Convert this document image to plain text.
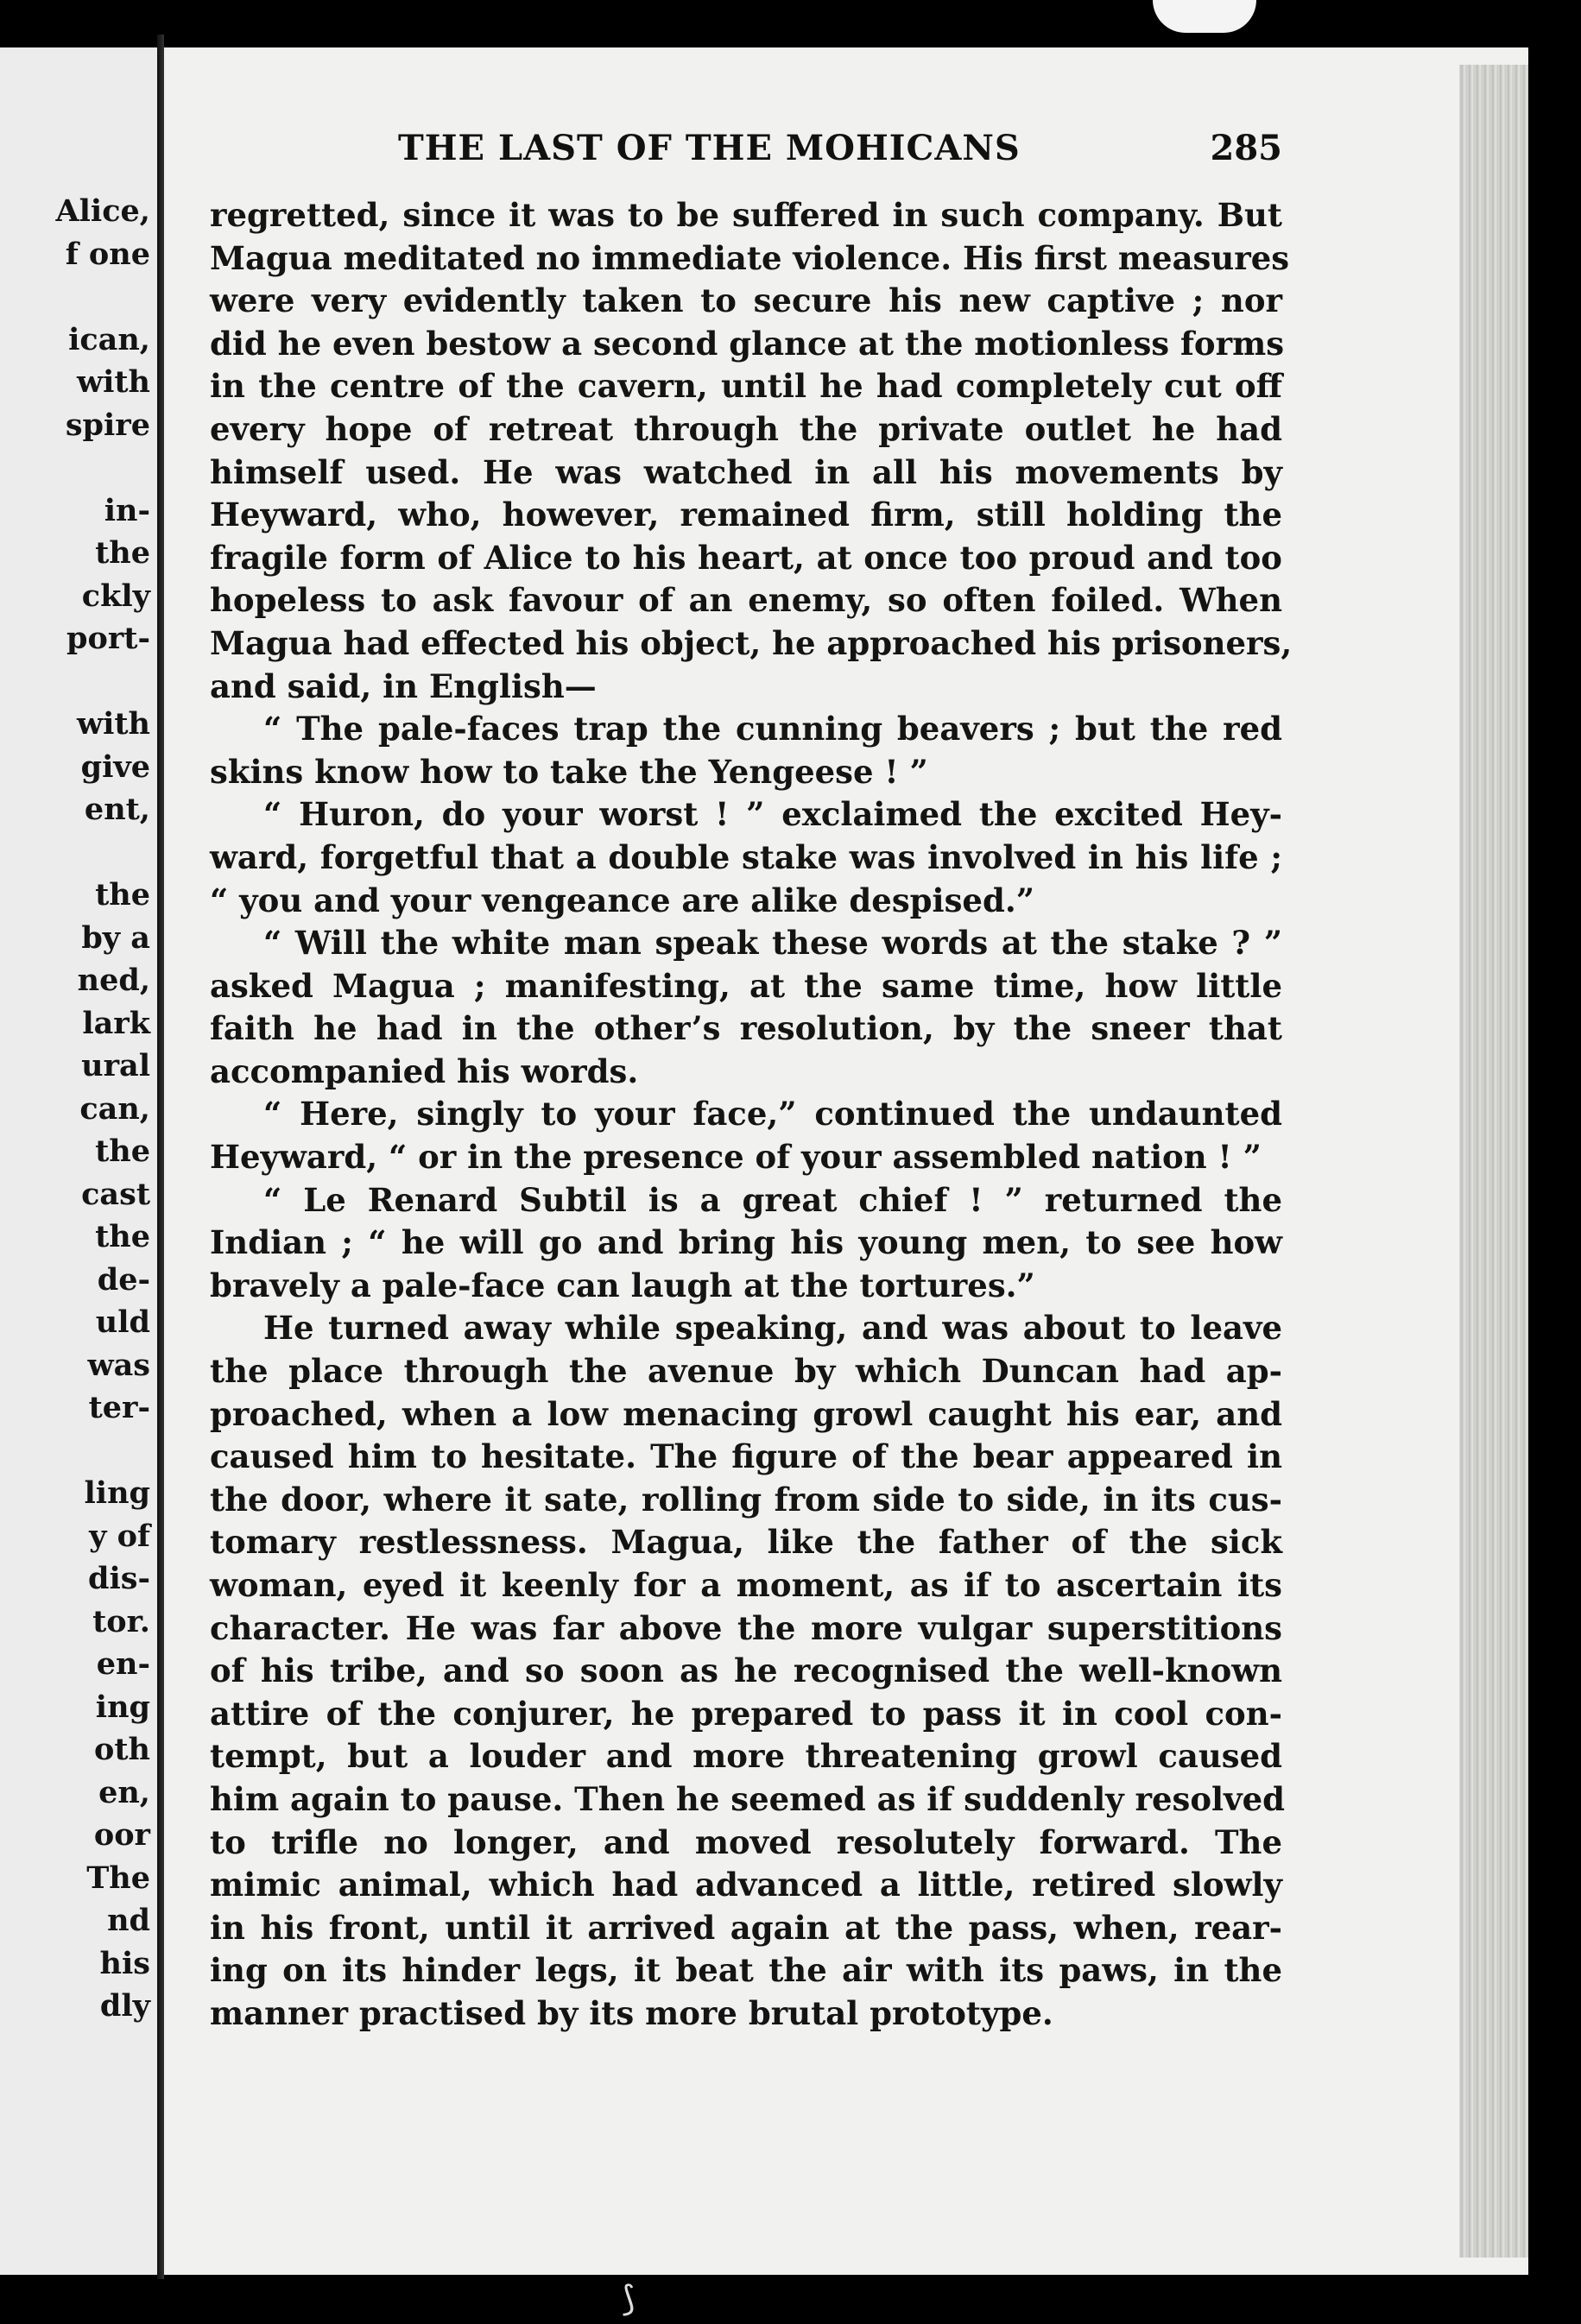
Alice,
f one
ican,
with
spire
in-
the
ckly
port-
with
give
ent,
the
by a
ned,
lark
ural
can,
the
cast
the
de-
uld
was
ter-
ling
y of
dis-
tor.
en-
ing
oth
en,
oor
The
nd
his
dly
THE LAST OF THE MOHICANS	285
regretted, since it was to be suffered in such company. But
Magua meditated no immediate violence. His first measures
were very evidently taken to secure his new captive ; nor
did he even bestow a second glance at the motionless forms
in the centre of the cavern, until he had completely cut off
every hope of retreat through the private outlet he had
himself used. He was watched in all his movements by
Heyward, who, however, remained firm, still holding the
fragile form of Alice to his heart, at once too proud and too
hopeless to ask favour of an enemy, so often foiled. When
Magua had effected his object, he approached his prisoners,
and said, in English—
“ The pale-faces trap the cunning beavers ; but the red
skins know how to take the Yengeese ! ”
“ Huron, do your worst ! ” exclaimed the excited Hey-
ward, forgetful that a double stake was involved in his life ;
“ you and your vengeance are alike despised.”
“ Will the white man speak these words at the stake ? ”
asked Magua ; manifesting, at the same time, how little
faith he had in the other’s resolution, by the sneer that
accompanied his words.
“ Here, singly to your face,” continued the undaunted
Heyward, “ or in the presence of your assembled nation ! ”
“ Le Renard Subtil is a great chief ! ” returned the
Indian ; “ he will go and bring his young men, to see how
bravely a pale-face can laugh at the tortures.”
He turned away while speaking, and was about to leave
the place through the avenue by which Duncan had ap-
proached, when a low menacing growl caught his ear, and
caused him to hesitate. The figure of the bear appeared in
the door, where it sate, rolling from side to side, in its cus-
tomary restlessness. Magua, like the father of the sick
woman, eyed it keenly for a moment, as if to ascertain its
character. He was far above the more vulgar superstitions
of his tribe, and so soon as he recognised the well-known
attire of the conjurer, he prepared to pass it in cool con-
tempt, but a louder and more threatening growl caused
him again to pause. Then he seemed as if suddenly resolved
to trifle no longer, and moved resolutely forward. The
mimic animal, which had advanced a little, retired slowly
in his front, until it arrived again at the pass, when, rear-
ing on its hinder legs, it beat the air with its paws, in the
manner practised by its more brutal prototype.
⟆
